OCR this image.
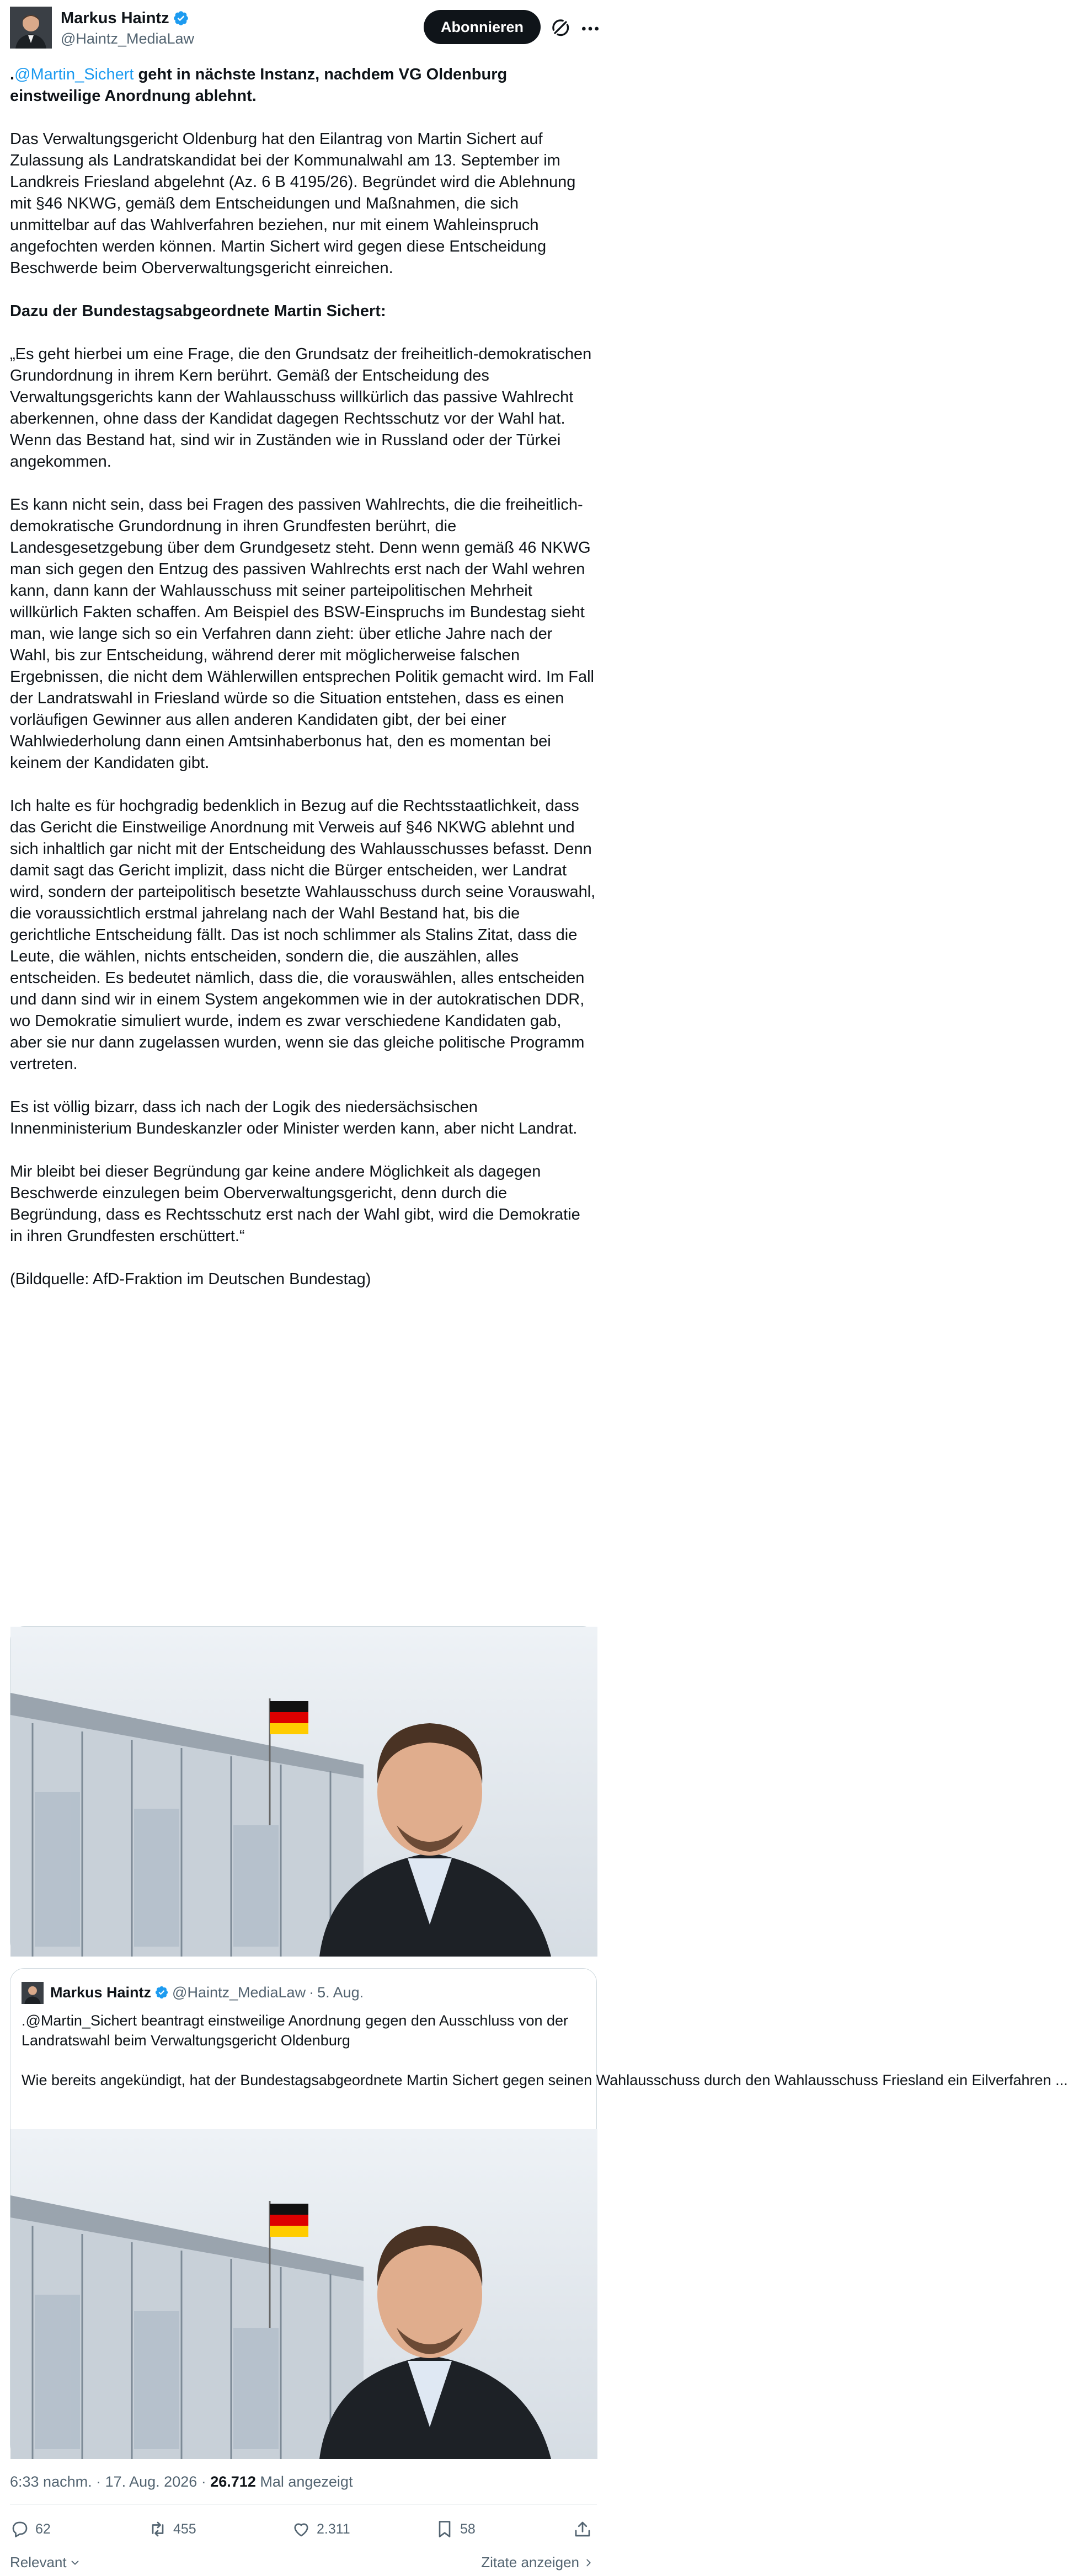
Markus Haintz
@Haintz_MediaLaw
Abonnieren

.@Martin_Sichert geht in nächste Instanz, nachdem VG Oldenburg einstweilige Anordnung ablehnt.

Das Verwaltungsgericht Oldenburg hat den Eilantrag von Martin Sichert auf Zulassung als Landratskandidat bei der Kommunalwahl am 13. September im Landkreis Friesland abgelehnt (Az. 6 B 4195/26). Begründet wird die Ablehnung mit §46 NKWG, gemäß dem Entscheidungen und Maßnahmen, die sich unmittelbar auf das Wahlverfahren beziehen, nur mit einem Wahleinspruch angefochten werden können. Martin Sichert wird gegen diese Entscheidung Beschwerde beim Oberverwaltungsgericht einreichen.

Dazu der Bundestagsabgeordnete Martin Sichert:

„Es geht hierbei um eine Frage, die den Grundsatz der freiheitlich-demokratischen Grundordnung in ihrem Kern berührt. Gemäß der Entscheidung des Verwaltungsgerichts kann der Wahlausschuss willkürlich das passive Wahlrecht aberkennen, ohne dass der Kandidat dagegen Rechtsschutz vor der Wahl hat. Wenn das Bestand hat, sind wir in Zuständen wie in Russland oder der Türkei angekommen.

Es kann nicht sein, dass bei Fragen des passiven Wahlrechts, die die freiheitlich-demokratische Grundordnung in ihren Grundfesten berührt, die Landesgesetzgebung über dem Grundgesetz steht. Denn wenn gemäß 46 NKWG man sich gegen den Entzug des passiven Wahlrechts erst nach der Wahl wehren kann, dann kann der Wahlausschuss mit seiner parteipolitischen Mehrheit willkürlich Fakten schaffen. Am Beispiel des BSW-Einspruchs im Bundestag sieht man, wie lange sich so ein Verfahren dann zieht: über etliche Jahre nach der Wahl, bis zur Entscheidung, während derer mit möglicherweise falschen Ergebnissen, die nicht dem Wählerwillen entsprechen Politik gemacht wird. Im Fall der Landratswahl in Friesland würde so die Situation entstehen, dass es einen vorläufigen Gewinner aus allen anderen Kandidaten gibt, der bei einer Wahlwiederholung dann einen Amtsinhaberbonus hat, den es momentan bei keinem der Kandidaten gibt.

Ich halte es für hochgradig bedenklich in Bezug auf die Rechtsstaatlichkeit, dass das Gericht die Einstweilige Anordnung mit Verweis auf §46 NKWG ablehnt und sich inhaltlich gar nicht mit der Entscheidung des Wahlausschusses befasst. Denn damit sagt das Gericht implizit, dass nicht die Bürger entscheiden, wer Landrat wird, sondern der parteipolitisch besetzte Wahlausschuss durch seine Vorauswahl, die voraussichtlich erstmal jahrelang nach der Wahl Bestand hat, bis die gerichtliche Entscheidung fällt. Das ist noch schlimmer als Stalins Zitat, dass die Leute, die wählen, nichts entscheiden, sondern die, die auszählen, alles entscheiden. Es bedeutet nämlich, dass die, die vorauswählen, alles entscheiden und dann sind wir in einem System angekommen wie in der autokratischen DDR, wo Demokratie simuliert wurde, indem es zwar verschiedene Kandidaten gab, aber sie nur dann zugelassen wurden, wenn sie das gleiche politische Programm vertreten.

Es ist völlig bizarr, dass ich nach der Logik des niedersächsischen Innenministerium Bundeskanzler oder Minister werden kann, aber nicht Landrat.

Mir bleibt bei dieser Begründung gar keine andere Möglichkeit als dagegen Beschwerde einzulegen beim Oberverwaltungsgericht, denn durch die Begründung, dass es Rechtsschutz erst nach der Wahl gibt, wird die Demokratie in ihren Grundfesten erschüttert.“

(Bildquelle: AfD-Fraktion im Deutschen Bundestag)

Markus Haintz @Haintz_MediaLaw · 5. Aug.

.@Martin_Sichert beantragt einstweilige Anordnung gegen den Ausschluss von der Landratswahl beim Verwaltungsgericht Oldenburg

Wie bereits angekündigt, hat der Bundestagsabgeordnete Martin Sichert gegen seinen Wahlausschuss durch den Wahlausschuss Friesland ein Eilverfahren ...

6:33 nachm. · 17. Aug. 2026 · 26.712 Mal angezeigt
62	455	2.311	58
Relevant	Zitate anzeigen
